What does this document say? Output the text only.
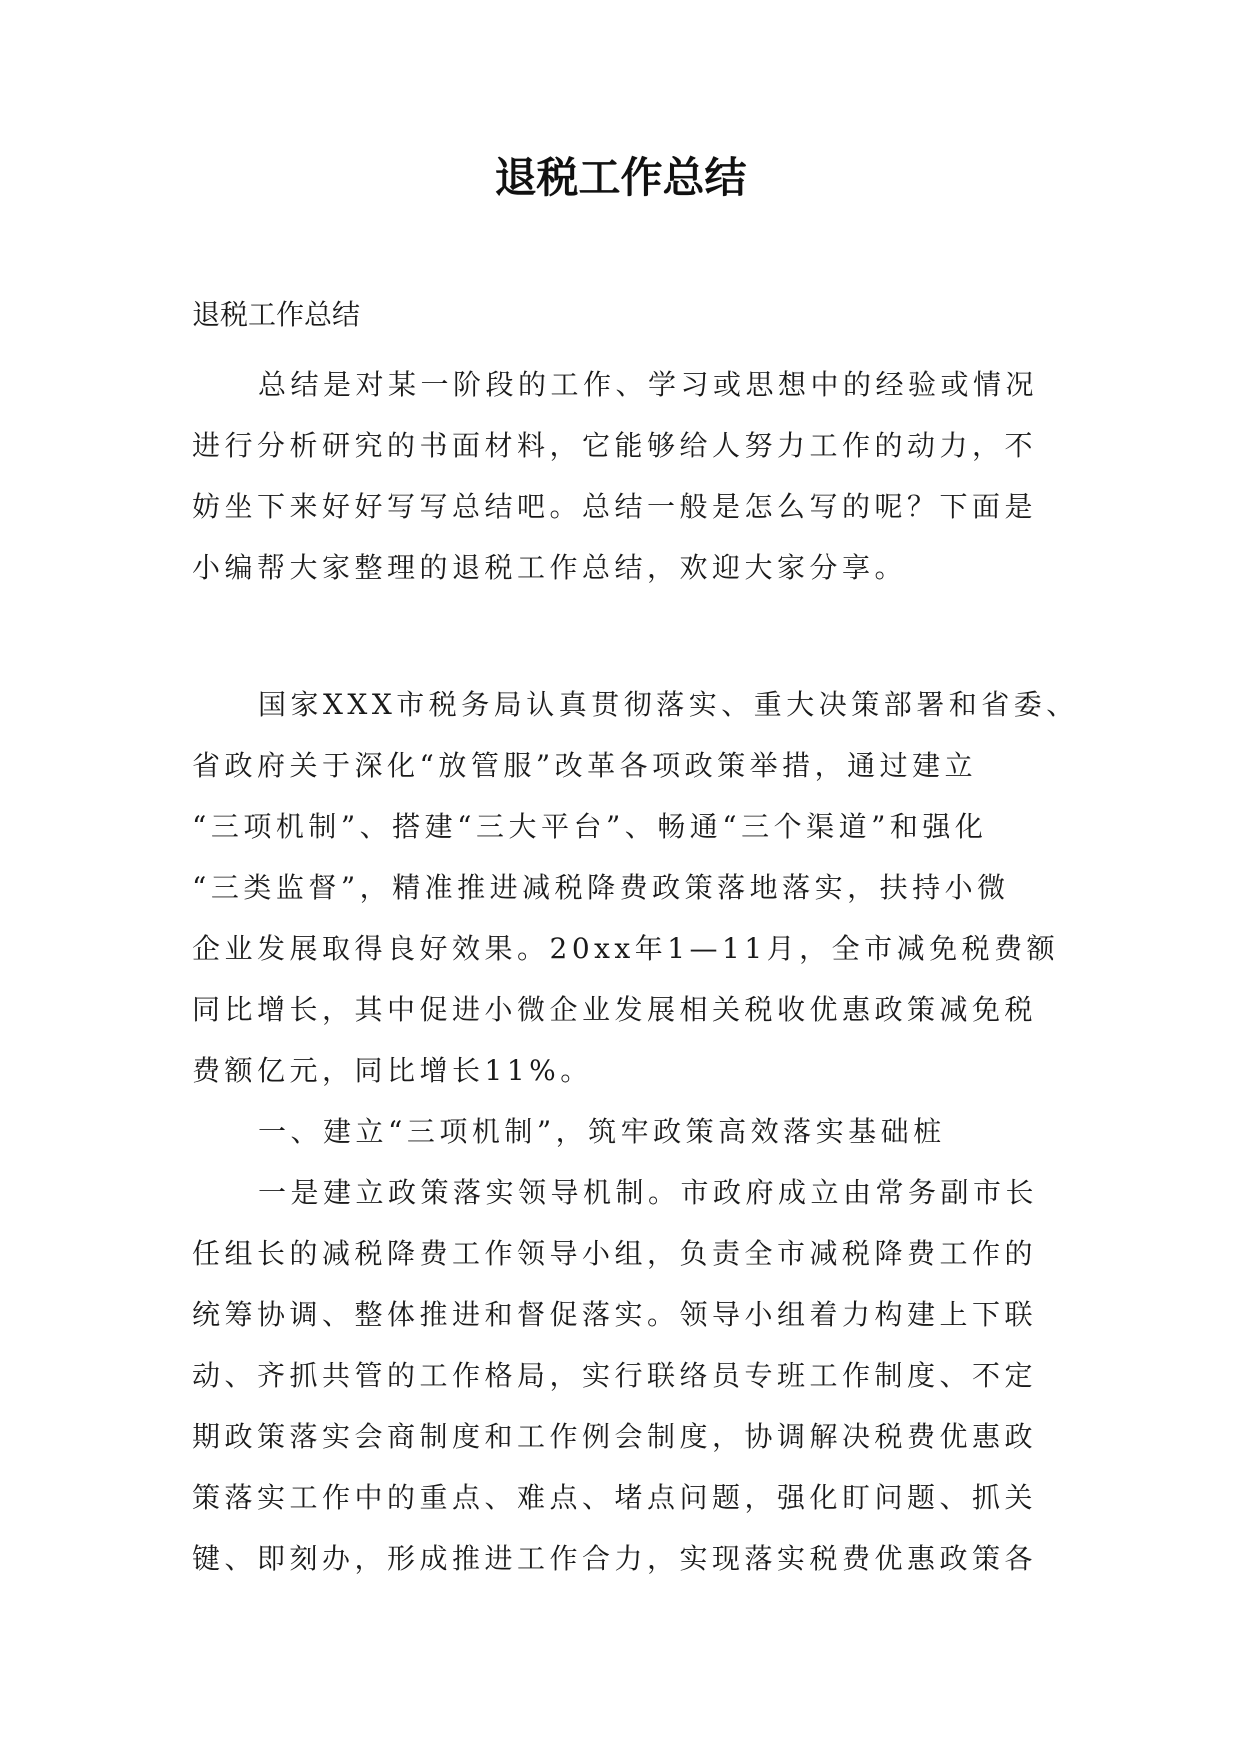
退税工作总结

退税工作总结

总结是对某一阶段的工作、学习或思想中的经验或情况
进行分析研究的书面材料，它能够给人努力工作的动力，不
妨坐下来好好写写总结吧。总结一般是怎么写的呢？下面是
小编帮大家整理的退税工作总结，欢迎大家分享。
国家XXX市税务局认真贯彻落实、重大决策部署和省委、
省政府关于深化“放管服”改革各项政策举措，通过建立
“三项机制”、搭建“三大平台”、畅通“三个渠道”和强化
“三类监督”，精准推进减税降费政策落地落实，扶持小微
企业发展取得良好效果。20xx年1—11月，全市减免税费额
同比增长，其中促进小微企业发展相关税收优惠政策减免税
费额亿元，同比增长11%。
一、建立“三项机制”，筑牢政策高效落实基础桩
一是建立政策落实领导机制。市政府成立由常务副市长
任组长的减税降费工作领导小组，负责全市减税降费工作的
统筹协调、整体推进和督促落实。领导小组着力构建上下联
动、齐抓共管的工作格局，实行联络员专班工作制度、不定
期政策落实会商制度和工作例会制度，协调解决税费优惠政
策落实工作中的重点、难点、堵点问题，强化盯问题、抓关
键、即刻办，形成推进工作合力，实现落实税费优惠政策各
